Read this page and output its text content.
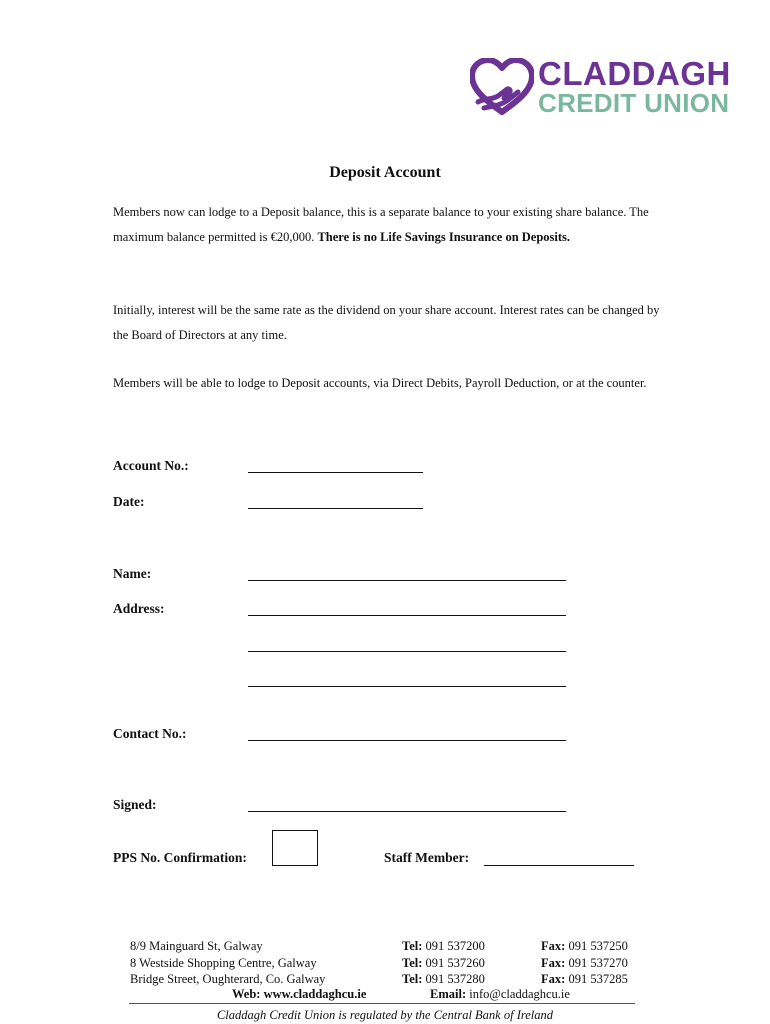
CLADDAGH
CREDIT UNION
Deposit Account
Members now can lodge to a Deposit balance, this is a separate balance to your existing share balance. The maximum balance permitted is €20,000. There is no Life Savings Insurance on Deposits.
Initially, interest will be the same rate as the dividend on your share account. Interest rates can be changed by the Board of Directors at any time.
Members will be able to lodge to Deposit accounts, via Direct Debits, Payroll Deduction, or at the counter.
Account No.:
Date:
Name:
Address:
Contact No.:
Signed:
PPS No. Confirmation:	Staff Member:
8/9 Mainguard St, Galway
8 Westside Shopping Centre, Galway
Bridge Street, Oughterard, Co. Galway
Tel: 091 537200
Tel: 091 537260
Tel: 091 537280
Fax: 091 537250
Fax: 091 537270
Fax: 091 537285
Web: www.claddaghcu.ie	Email: info@claddaghcu.ie
Claddagh Credit Union is regulated by the Central Bank of Ireland
